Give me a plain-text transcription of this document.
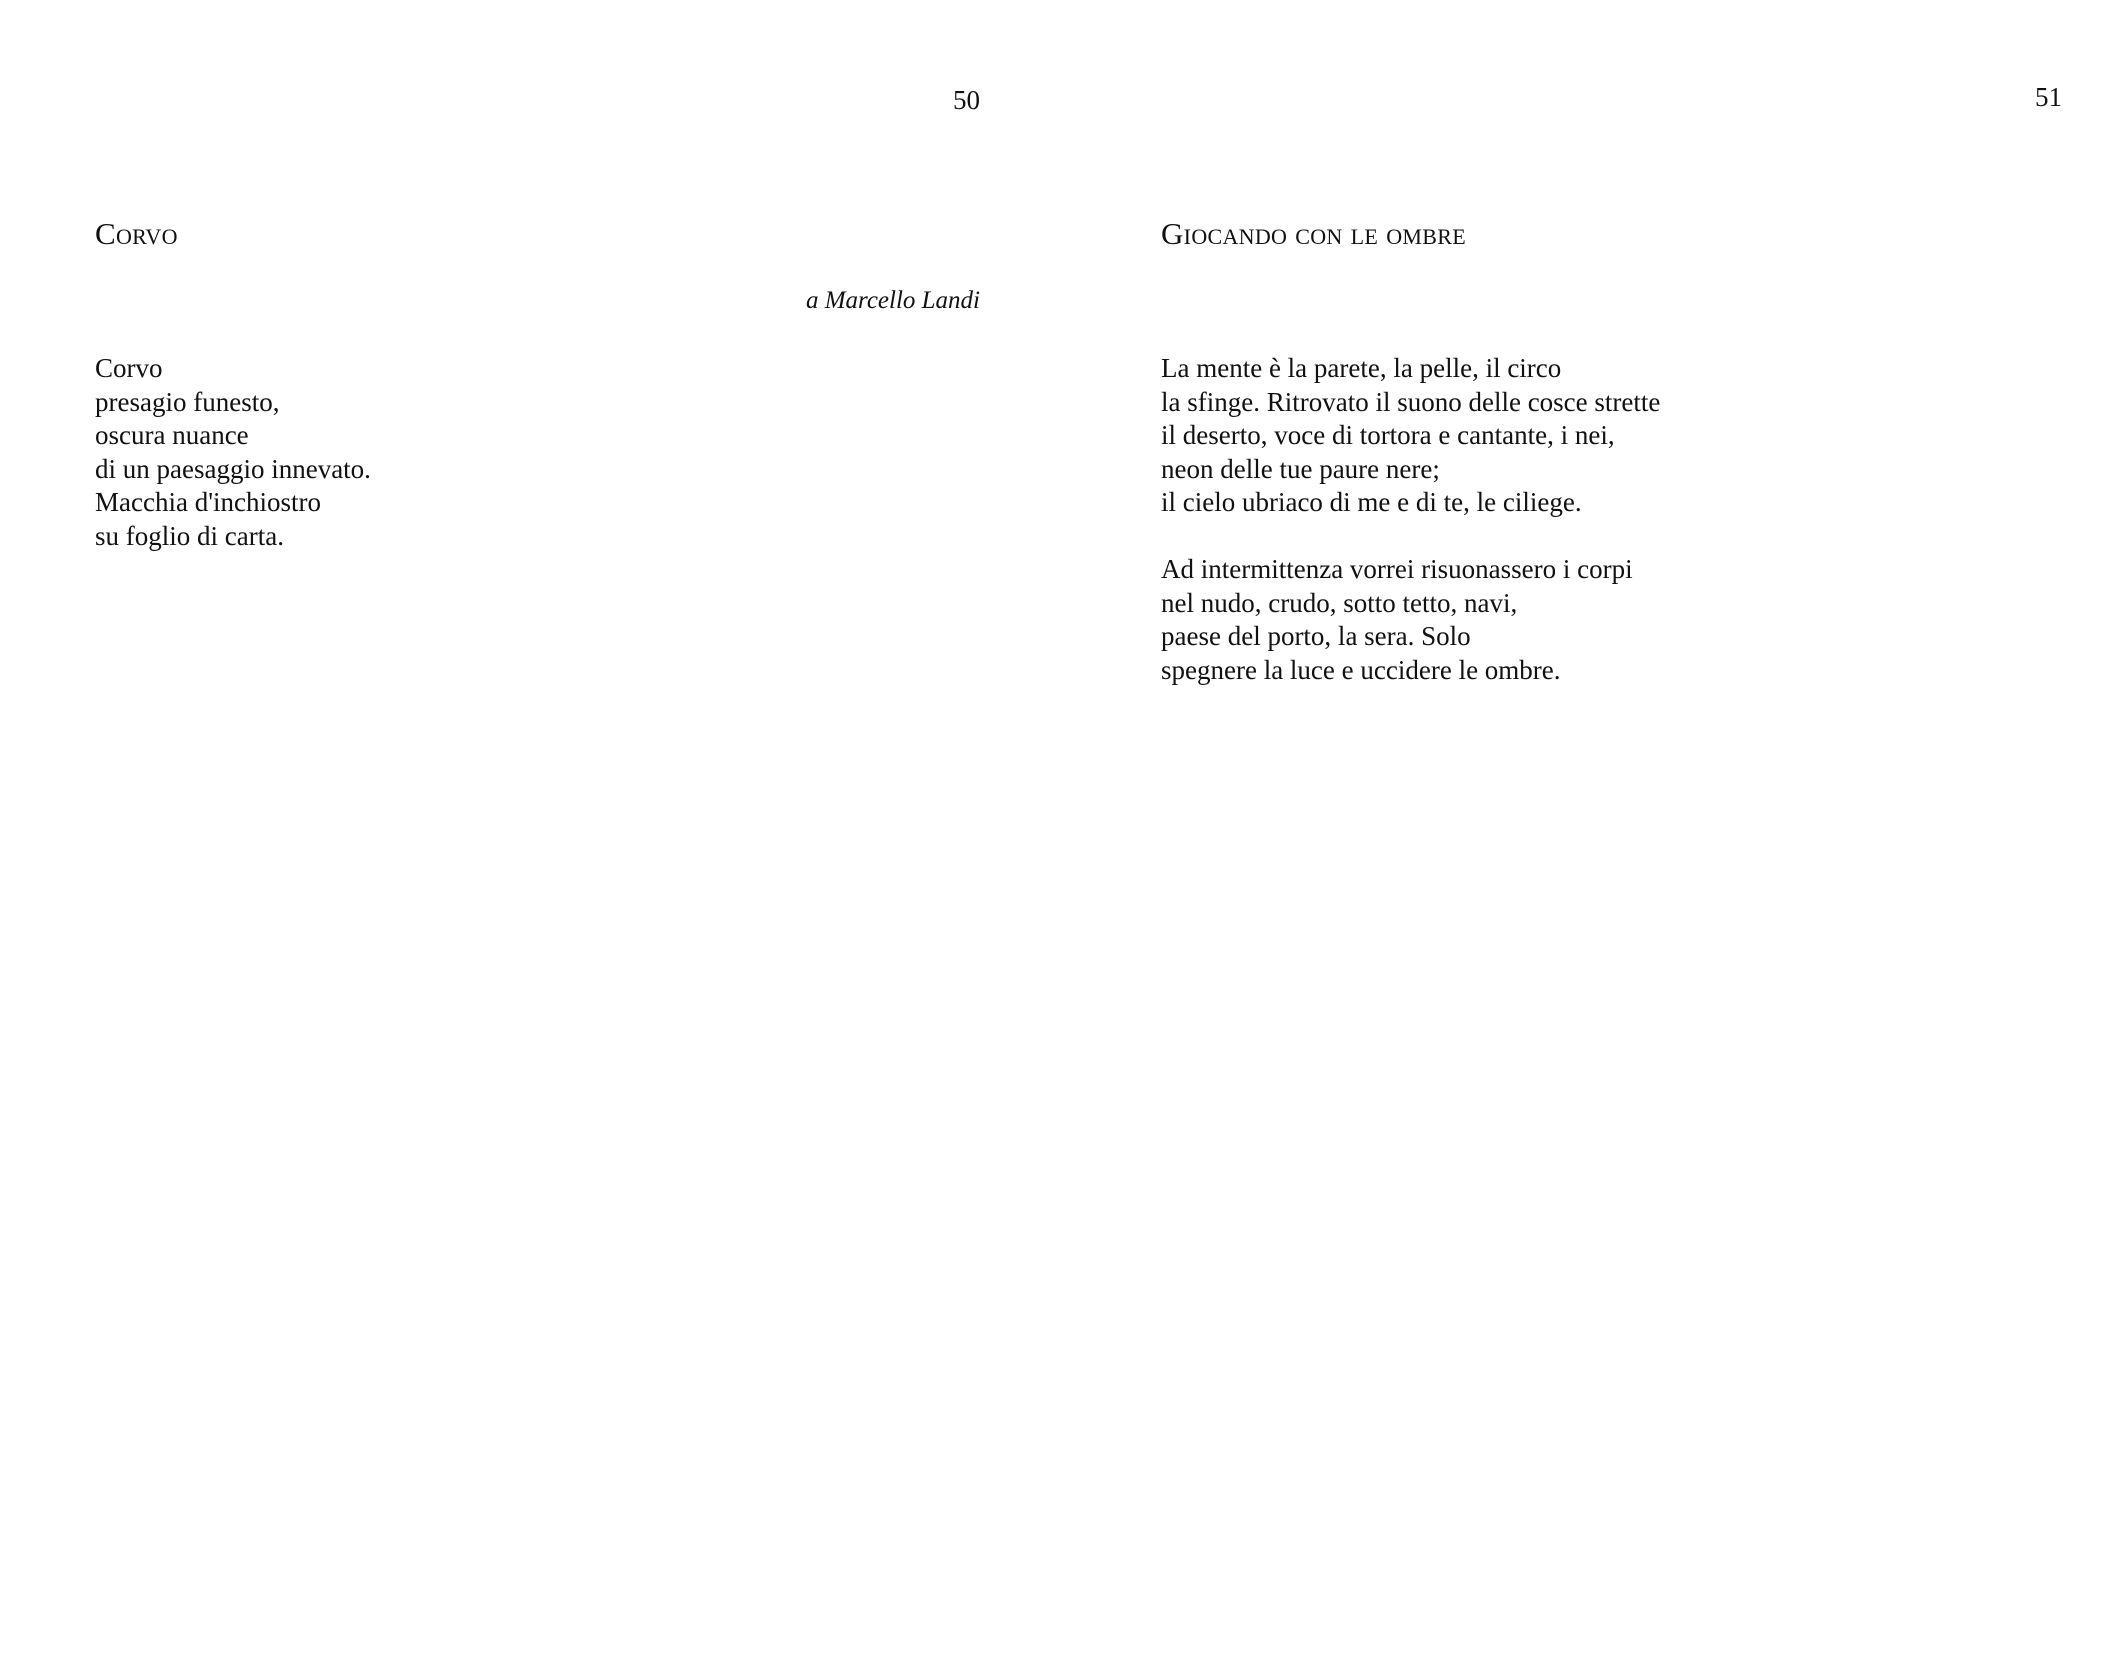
50
Corvo
a Marcello Landi
Corvo
presagio funesto,
oscura nuance
di un paesaggio innevato.
Macchia d'inchiostro
su foglio di carta.
51
Giocando con le ombre
La mente è la parete, la pelle, il circo
la sfinge. Ritrovato il suono delle cosce strette
il deserto, voce di tortora e cantante, i nei,
neon delle tue paure nere;
il cielo ubriaco di me e di te, le ciliege.
Ad intermittenza vorrei risuonassero i corpi
nel nudo, crudo, sotto tetto, navi,
paese del porto, la sera. Solo
spegnere la luce e uccidere le ombre.
